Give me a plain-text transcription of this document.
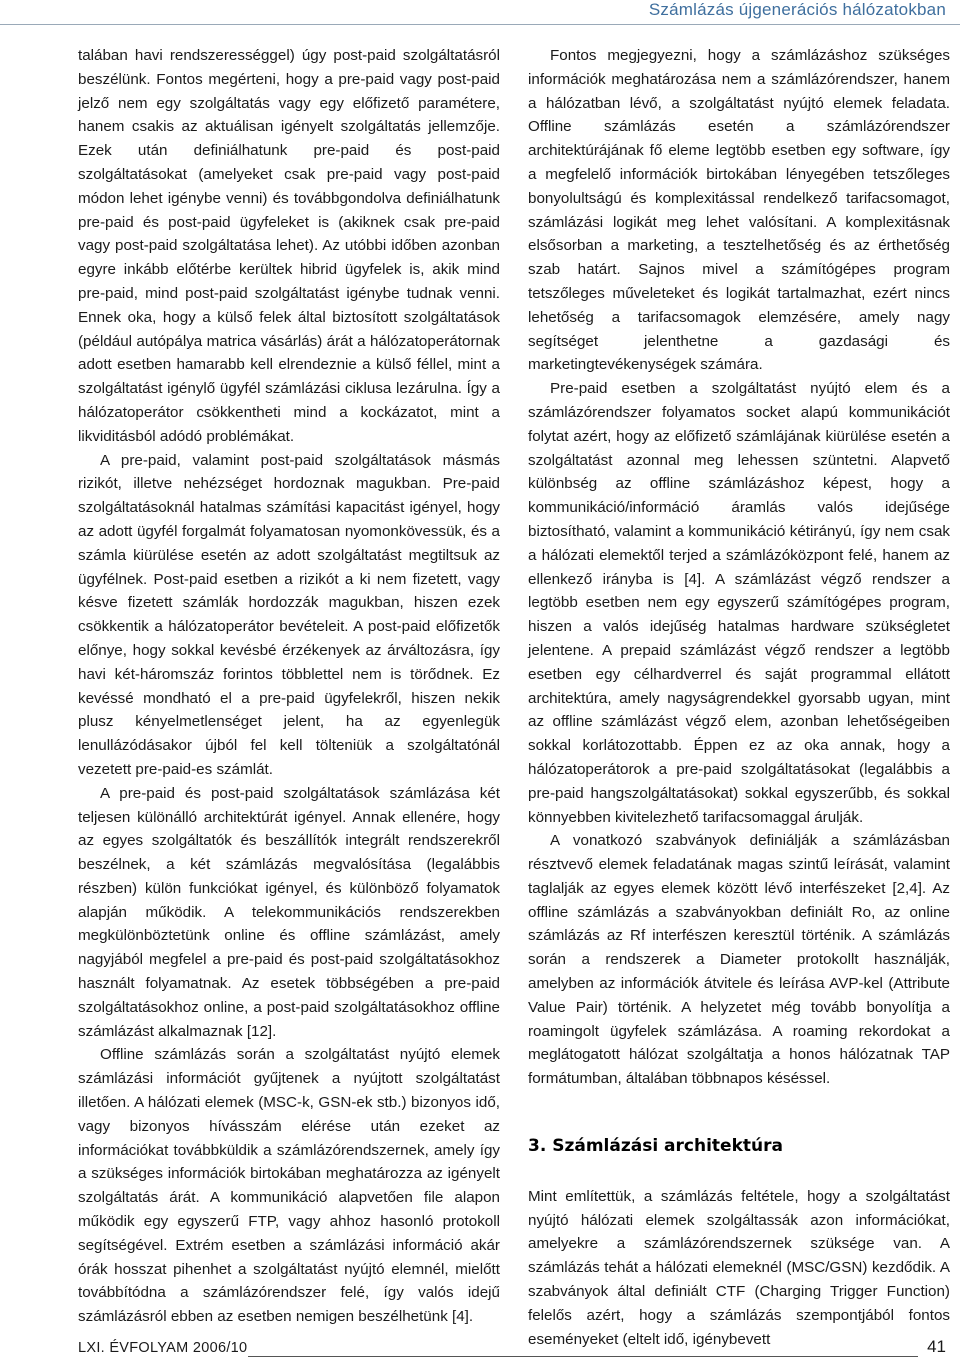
Számlázás újgenerációs hálózatokban

talában havi rendszerességgel) úgy post-paid szolgáltatásról beszélünk. Fontos megérteni, hogy a pre-paid vagy post-paid jelző nem egy szolgáltatás vagy egy előfizető paramétere, hanem csakis az aktuálisan igényelt szolgáltatás jellemzője. Ezek után definiálhatunk pre-paid és post-paid szolgáltatásokat (amelyeket csak pre-paid vagy post-paid módon lehet igénybe venni) és továbbgondolva definiálhatunk pre-paid és post-paid ügyfeleket is (akiknek csak pre-paid vagy post-paid szolgáltatása lehet). Az utóbbi időben azonban egyre inkább előtérbe kerültek hibrid ügyfelek is, akik mind pre-paid, mind post-paid szolgáltatást igénybe tudnak venni. Ennek oka, hogy a külső felek által biztosított szolgáltatások (például autópálya matrica vásárlás) árát a hálózatoperátornak adott esetben hamarabb kell elrendeznie a külső féllel, mint a szolgáltatást igénylő ügyfél számlázási ciklusa lezárulna. Így a hálózatoperátor csökkentheti mind a kockázatot, mint a likviditásból adódó problémákat.

A pre-paid, valamint post-paid szolgáltatások másmás rizikót, illetve nehézséget hordoznak magukban. Pre-paid szolgáltatásoknál hatalmas számítási kapacitást igényel, hogy az adott ügyfél forgalmát folyamatosan nyomonkövessük, és a számla kiürülése esetén az adott szolgáltatást megtiltsuk az ügyfélnek. Post-paid esetben a rizikót a ki nem fizetett, vagy késve fizetett számlák hordozzák magukban, hiszen ezek csökkentik a hálózatoperátor bevételeit. A post-paid előfizetők előnye, hogy sokkal kevésbé érzékenyek az árváltozásra, így havi két-háromszáz forintos többlettel nem is törődnek. Ez kevéssé mondható el a pre-paid ügyfelekről, hiszen nekik plusz kényelmetlenséget jelent, ha az egyenlegük lenullázódásakor újból fel kell tölteniük a szolgáltatónál vezetett pre-paid-es számlát.

A pre-paid és post-paid szolgáltatások számlázása két teljesen különálló architektúrát igényel. Annak ellenére, hogy az egyes szolgáltatók és beszállítók integrált rendszerekről beszélnek, a két számlázás megvalósítása (legalábbis részben) külön funkciókat igényel, és különböző folyamatok alapján működik. A telekommunikációs rendszerekben megkülönböztetünk online és offline számlázást, amely nagyjából megfelel a pre-paid és post-paid szolgáltatásokhoz használt folyamatnak. Az esetek többségében a pre-paid szolgáltatásokhoz online, a post-paid szolgáltatásokhoz offline számlázást alkalmaznak [12].

Offline számlázás során a szolgáltatást nyújtó elemek számlázási információt gyűjtenek a nyújtott szolgáltatást illetően. A hálózati elemek (MSC-k, GSN-ek stb.) bizonyos idő, vagy bizonyos hívásszám elérése után ezeket az információkat továbbküldik a számlázórendszernek, amely így a szükséges információk birtokában meghatározza az igényelt szolgáltatás árát. A kommunikáció alapvetően file alapon működik egy egyszerű FTP, vagy ahhoz hasonló protokoll segítségével. Extrém esetben a számlázási információ akár órák hosszat pihenhet a szolgáltatást nyújtó elemnél, mielőtt továbbítódna a számlázórendszer felé, így valós idejű számlázásról ebben az esetben nemigen beszélhetünk [4].

Fontos megjegyezni, hogy a számlázáshoz szükséges információk meghatározása nem a számlázórendszer, hanem a hálózatban lévő, a szolgáltatást nyújtó elemek feladata. Offline számlázás esetén a számlázórendszer architektúrájának fő eleme legtöbb esetben egy software, így a megfelelő információk birtokában lényegében tetszőleges bonyolultságú és komplexitással rendelkező tarifacsomagot, számlázási logikát meg lehet valósítani. A komplexitásnak elsősorban a marketing, a tesztelhetőség és az érthetőség szab határt. Sajnos mivel a számítógépes program tetszőleges műveleteket és logikát tartalmazhat, ezért nincs lehetőség a tarifacsomagok elemzésére, amely nagy segítséget jelenthetne a gazdasági és marketingtevékenységek számára.

Pre-paid esetben a szolgáltatást nyújtó elem és a számlázórendszer folyamatos socket alapú kommunikációt folytat azért, hogy az előfizető számlájának kiürülése esetén a szolgáltatást azonnal meg lehessen szüntetni. Alapvető különbség az offline számlázáshoz képest, hogy a kommunikáció/információ áramlás valós idejűsége biztosítható, valamint a kommunikáció kétirányú, így nem csak a hálózati elemektől terjed a számlázóközpont felé, hanem az ellenkező irányba is [4]. A számlázást végző rendszer a legtöbb esetben nem egy egyszerű számítógépes program, hiszen a valós idejűség hatalmas hardware szükségletet jelentene. A prepaid számlázást végző rendszer a legtöbb esetben egy célhardverrel és saját programmal ellátott architektúra, amely nagyságrendekkel gyorsabb ugyan, mint az offline számlázást végző elem, azonban lehetőségeiben sokkal korlátozottabb. Éppen ez az oka annak, hogy a hálózatoperátorok a pre-paid szolgáltatásokat (legalábbis a pre-paid hangszolgáltatásokat) sokkal egyszerűbb, és sokkal könnyebben kivitelezhető tarifacsomaggal árulják.

A vonatkozó szabványok definiálják a számlázásban résztvevő elemek feladatának magas szintű leírását, valamint taglalják az egyes elemek között lévő interfészeket [2,4]. Az offline számlázás a szabványokban definiált Ro, az online számlázás az Rf interfészen keresztül történik. A számlázás során a rendszerek a Diameter protokollt használják, amelyben az információk átvitele és leírása AVP-kel (Attribute Value Pair) történik. A helyzetet még tovább bonyolítja a roamingolt ügyfelek számlázása. A roaming rekordokat a meglátogatott hálózat szolgáltatja a honos hálózatnak TAP formátumban, általában többnapos késéssel.

3. Számlázási architektúra

Mint említettük, a számlázás feltétele, hogy a szolgáltatást nyújtó hálózati elemek szolgáltassák azon információkat, amelyekre a számlázórendszernek szüksége van. A számlázás tehát a hálózati elemeknél (MSC/GSN) kezdődik. A szabványok által definiált CTF (Charging Trigger Function) felelős azért, hogy a számlázás szempontjából fontos eseményeket (eltelt idő, igénybevett

LXI. ÉVFOLYAM 2006/10	41
